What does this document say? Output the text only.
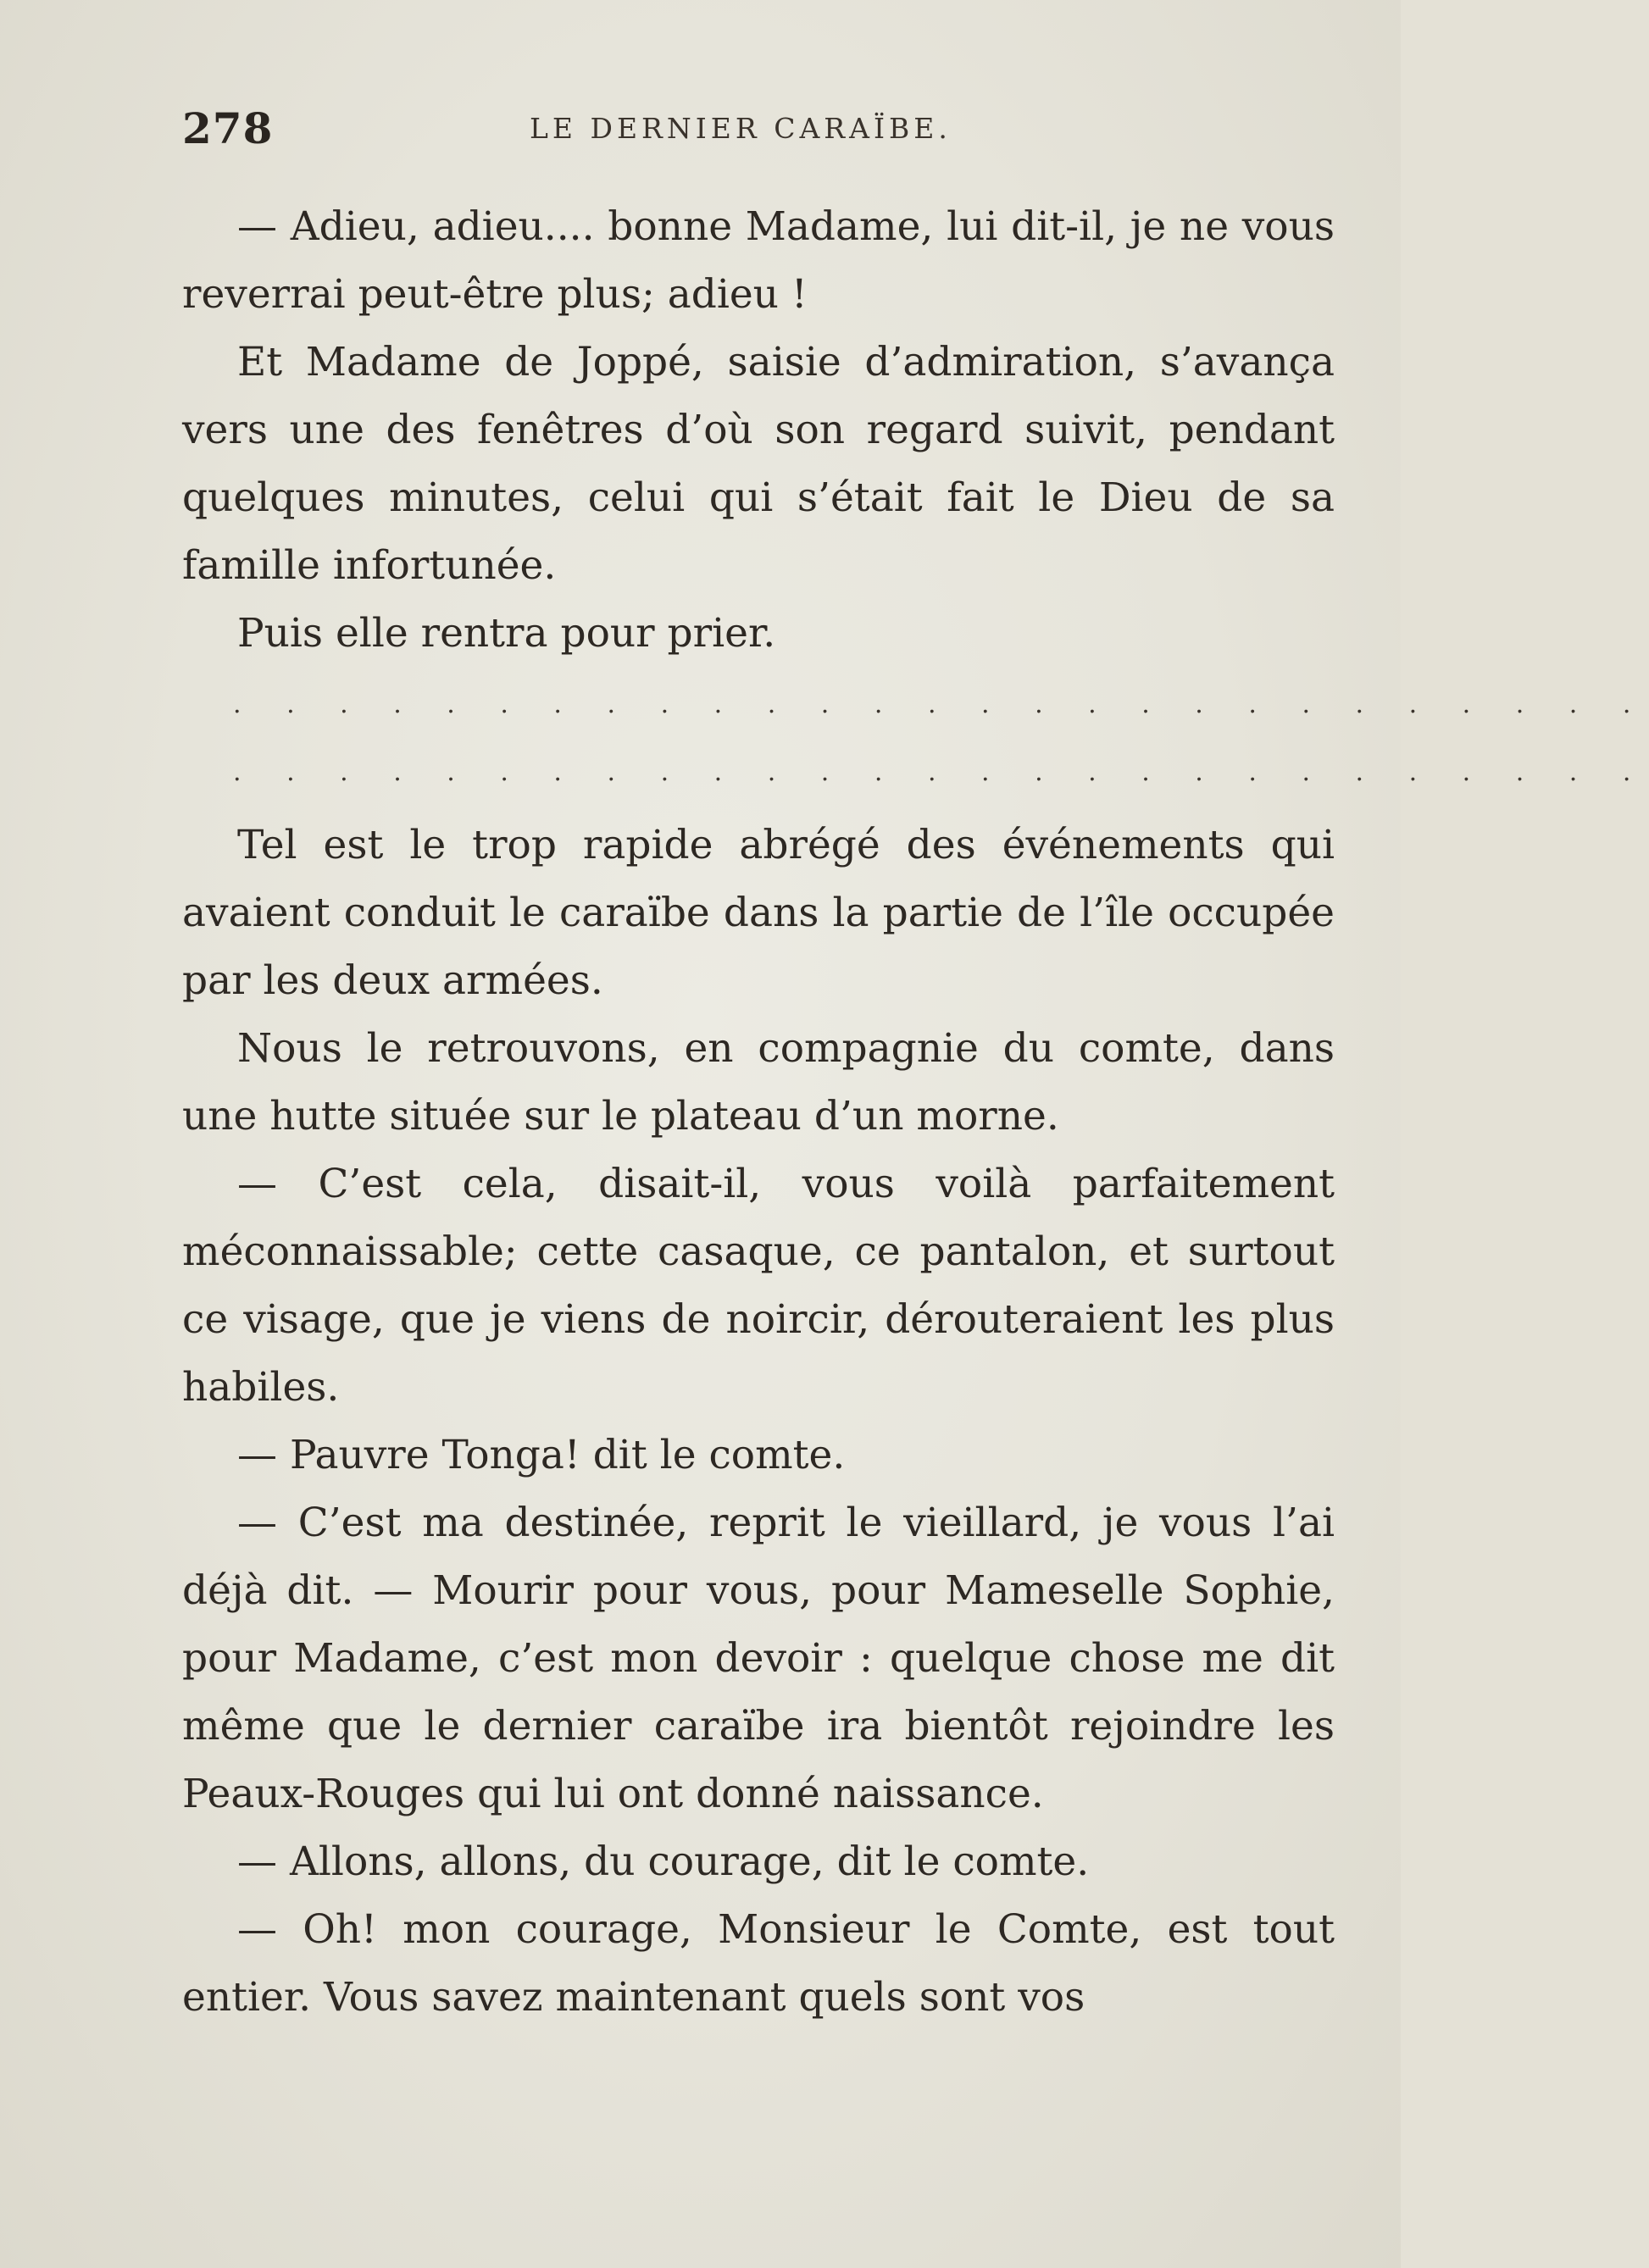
278	LE DERNIER CARAÏBE.

— Adieu, adieu.... bonne Madame, lui dit-il, je ne vous reverrai peut-être plus; adieu !

Et Madame de Joppé, saisie d’admiration, s’avança vers une des fenêtres d’où son regard suivit, pendant quelques minutes, celui qui s’était fait le Dieu de sa famille infortunée.

Puis elle rentra pour prier.

. . . . . . . . . . . . . . . . . . . . . . . . . . .
. . . . . . . . . . . . . . . . . . . . . . . . . . .

Tel est le trop rapide abrégé des événements qui avaient conduit le caraïbe dans la partie de l’île occupée par les deux armées.

Nous le retrouvons, en compagnie du comte, dans une hutte située sur le plateau d’un morne.

— C’est cela, disait-il, vous voilà parfaitement méconnaissable; cette casaque, ce pantalon, et surtout ce visage, que je viens de noircir, dérouteraient les plus habiles.

— Pauvre Tonga! dit le comte.

— C’est ma destinée, reprit le vieillard, je vous l’ai déjà dit. — Mourir pour vous, pour Mameselle Sophie, pour Madame, c’est mon devoir : quelque chose me dit même que le dernier caraïbe ira bientôt rejoindre les Peaux-Rouges qui lui ont donné naissance.

— Allons, allons, du courage, dit le comte.

— Oh! mon courage, Monsieur le Comte, est tout entier. Vous savez maintenant quels sont vos
